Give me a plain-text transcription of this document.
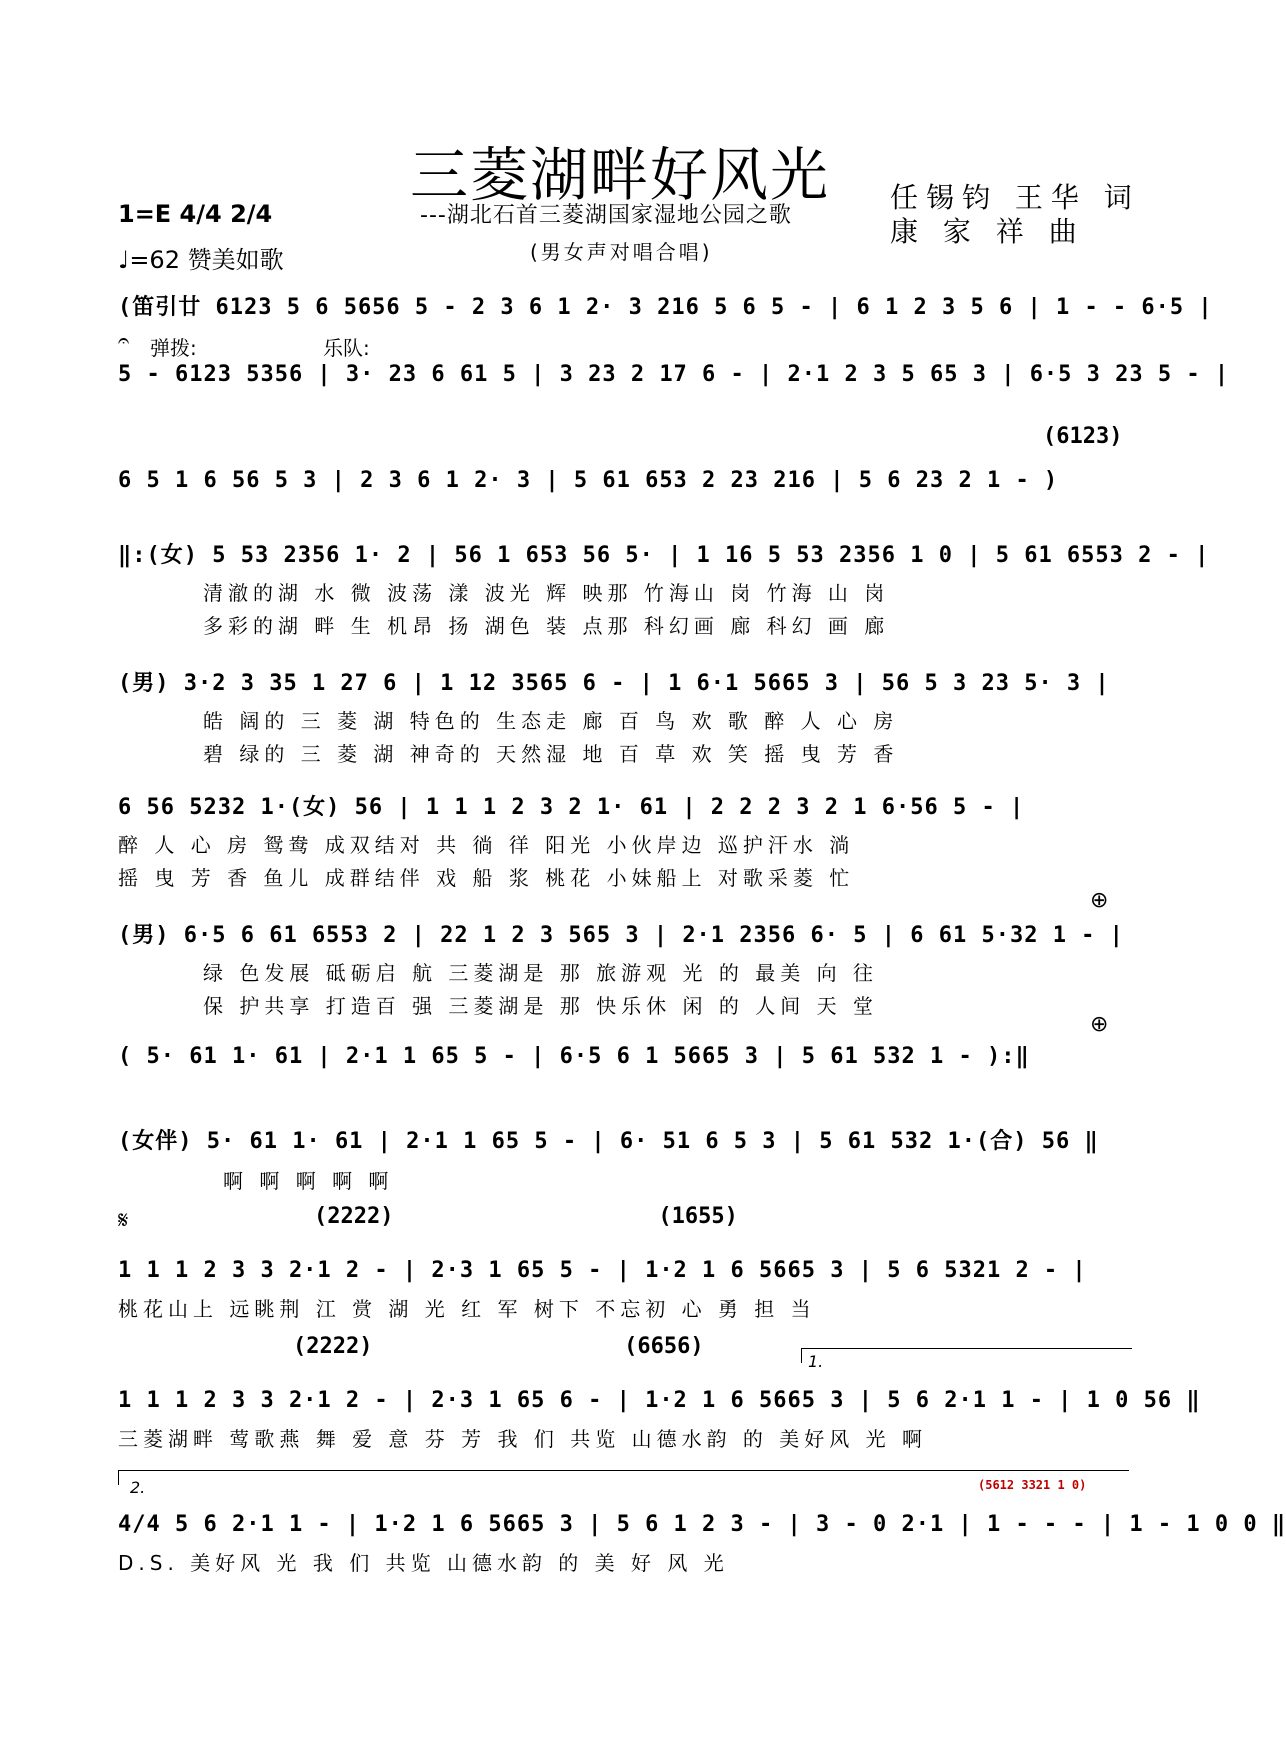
三菱湖畔好风光
---湖北石首三菱湖国家湿地公园之歌
(男女声对唱合唱)
任锡钧 王华 词
康 家 祥 曲
1=E 4/4 2/4
♩=62 赞美如歌
(笛引廿 6123 5 6 5656 5 - 2 3 6 1 2· 3 216 5 6 5 - | 6 1 2 3 5 6 | 1 - - 6·5 |
𝄐 弹拨:	乐队:
5 - 6123 5356 | 3· 23 6 61 5 | 3 23 2 17 6 - | 2·1 2 3 5 65 3 | 6·5 3 23 5 - |
(6123)
6 5 1 6 56 5 3 | 2 3 6 1 2· 3 | 5 61 653 2 23 216 | 5 6 23 2 1 - )
‖:(女) 5 53 2356 1· 2 | 56 1 653 56 5· | 1 16 5 53 2356 1 0 | 5 61 6553 2 - |
清澈的湖 水 微 波荡 漾 波光 辉 映那 竹海山 岗 竹海 山 岗
多彩的湖 畔 生 机昂 扬 湖色 装 点那 科幻画 廊 科幻 画 廊
(男) 3·2 3 35 1 27 6 | 1 12 3565 6 - | 1 6·1 5665 3 | 56 5 3 23 5· 3 |
皓 阔的 三 菱 湖 特色的 生态走 廊 百 鸟 欢 歌 醉 人 心 房
碧 绿的 三 菱 湖 神奇的 天然湿 地 百 草 欢 笑 摇 曳 芳 香
6 56 5232 1·(女) 56 | 1 1 1 2 3 2 1· 61 | 2 2 2 3 2 1 6·56 5 - |
醉 人 心 房 鸳鸯 成双结对 共 徜 徉 阳光 小伙岸边 巡护汗水 淌
摇 曳 芳 香 鱼儿 成群结伴 戏 船 浆 桃花 小妹船上 对歌采菱 忙
⊕
(男) 6·5 6 61 6553 2 | 22 1 2 3 565 3 | 2·1 2356 6· 5 | 6 61 5·32 1 - |
绿 色发展 砥砺启 航 三菱湖是 那 旅游观 光 的 最美 向 往
保 护共享 打造百 强 三菱湖是 那 快乐休 闲 的 人间 天 堂
⊕
( 5· 61 1· 61 | 2·1 1 65 5 - | 6·5 6 1 5665 3 | 5 61 532 1 - ):‖
(女伴) 5· 61 1· 61 | 2·1 1 65 5 - | 6· 51 6 5 3 | 5 61 532 1·(合) 56 ‖
啊 啊 啊 啊 啊
𝄋	(2222)                    (1655)
1 1 1 2 3 3 2·1 2 - | 2·3 1 65 5 - | 1·2 1 6 5665 3 | 5 6 5321 2 - |
桃花山上 远眺荆 江 赏 湖 光 红 军 树下 不忘初 心 勇 担 当
(2222)                   (6656)
1.
1 1 1 2 3 3 2·1 2 - | 2·3 1 65 6 - | 1·2 1 6 5665 3 | 5 6 2·1 1 - | 1 0 56 ‖
三菱湖畔 莺歌燕 舞 爱 意 芬 芳 我 们 共览 山德水韵 的 美好风 光 啊
2.	(5612 3321 1 0)
4/4 5 6 2·1 1 - | 1·2 1 6 5665 3 | 5 6 1 2 3 - | 3 - 0 2·1 | 1 - - - | 1 - 1 0 0 ‖
D.S. 美好风 光 我 们 共览 山德水韵 的 美 好 风 光
